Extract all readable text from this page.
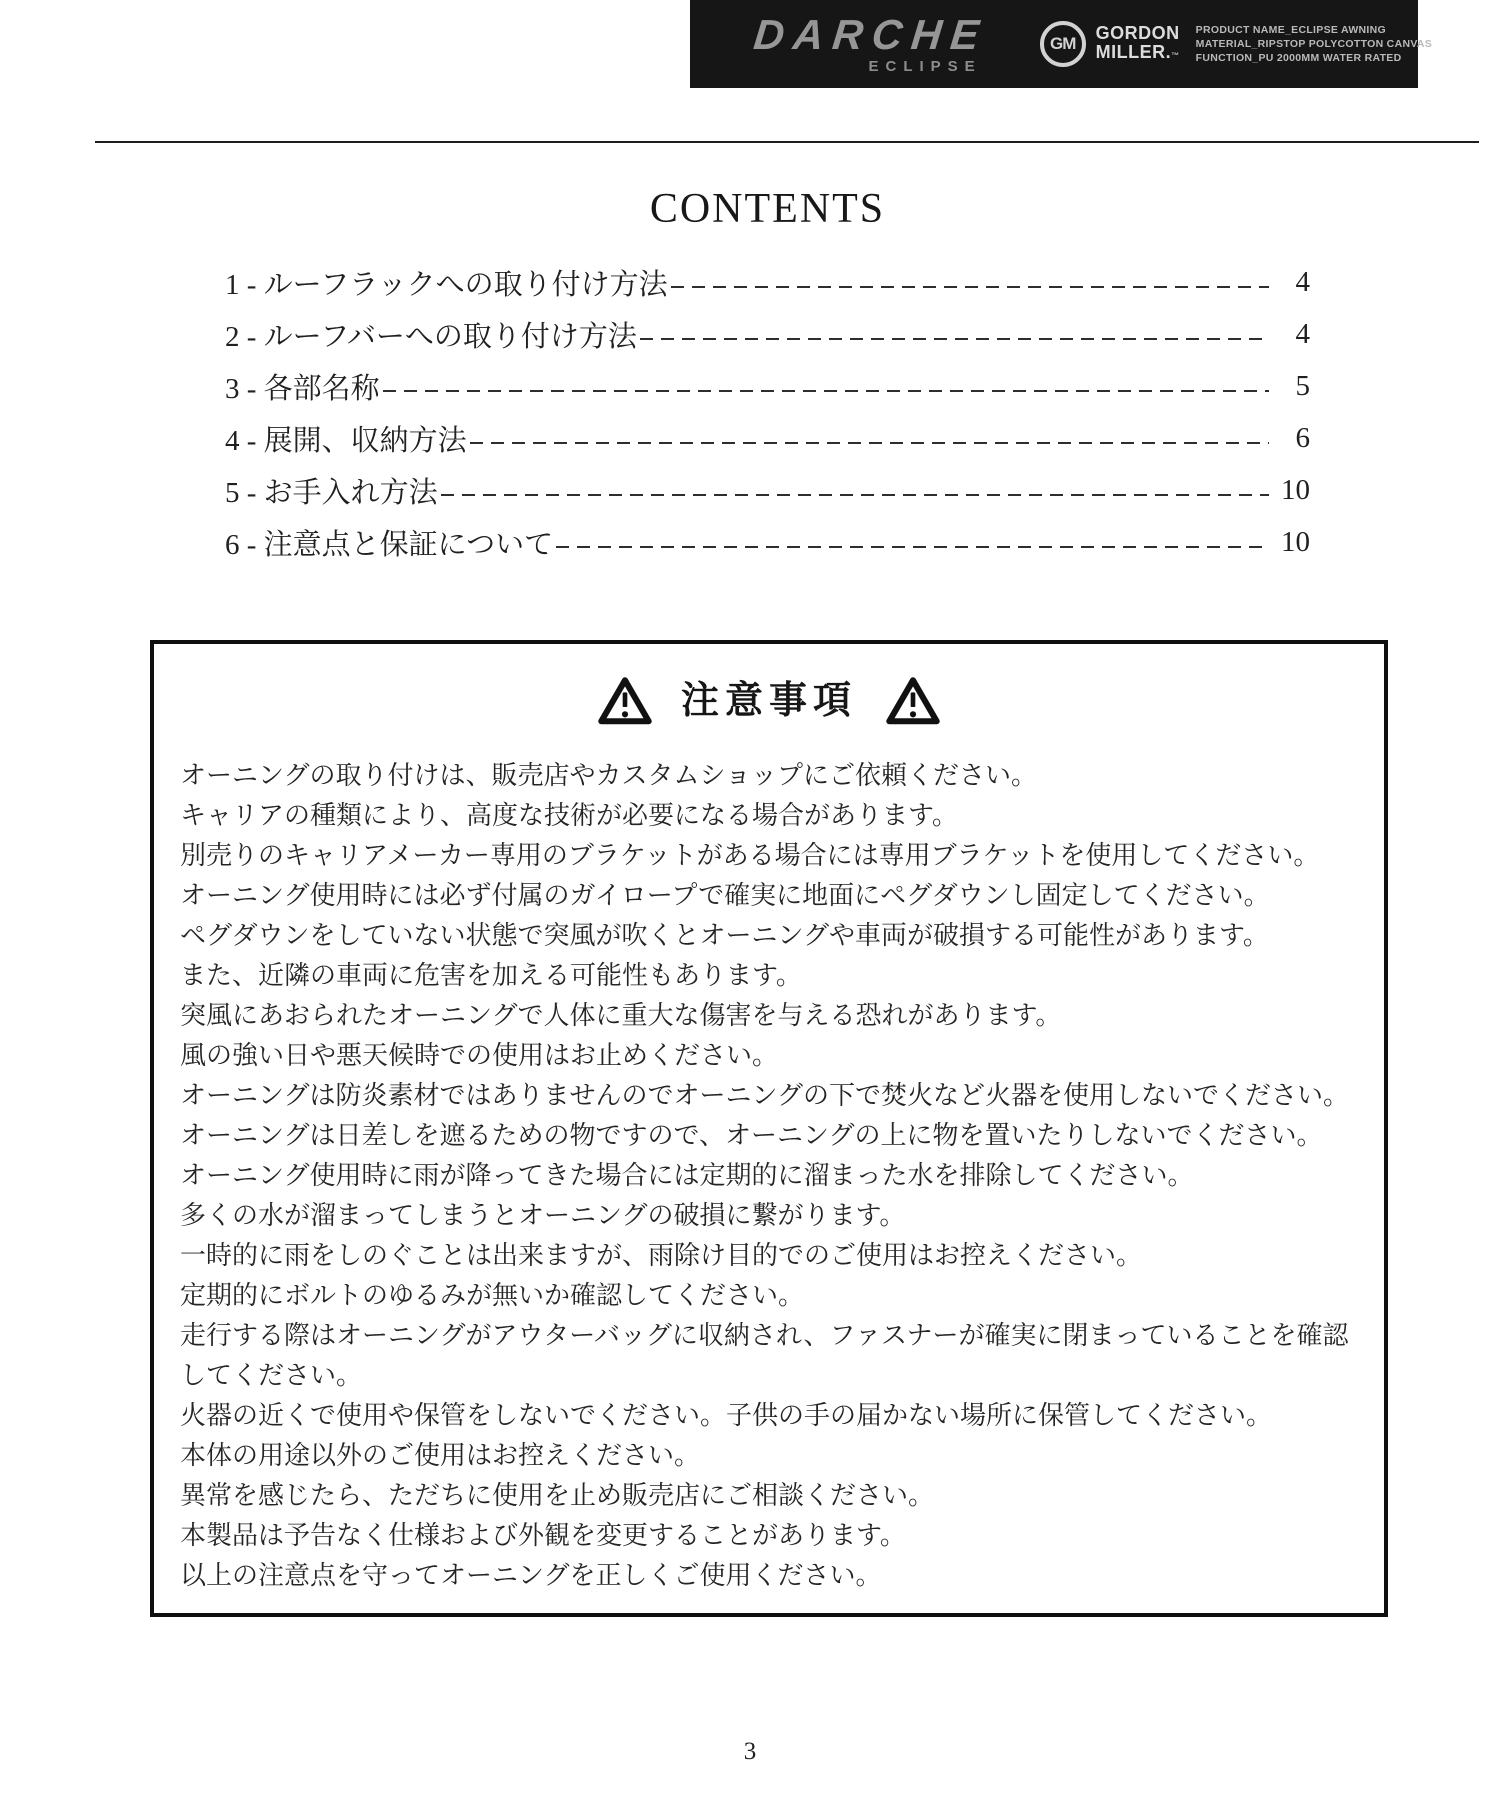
DARCHE
ECLIPSE
GM
GORDON
MILLER.™
PRODUCT NAME_ECLIPSE AWNING
MATERIAL_RIPSTOP POLYCOTTON CANVAS
FUNCTION_PU 2000MM WATER RATED
CONTENTS
1 - ルーフラックへの取り付け方法	4
2 - ルーフバーへの取り付け方法	4
3 - 各部名称	5
4 - 展開、収納方法	6
5 - お手入れ方法	10
6 - 注意点と保証について	10
注意事項

オーニングの取り付けは、販売店やカスタムショップにご依頼ください。

キャリアの種類により、高度な技術が必要になる場合があります。

別売りのキャリアメーカー専用のブラケットがある場合には専用ブラケットを使用してください。

オーニング使用時には必ず付属のガイロープで確実に地面にペグダウンし固定してください。

ペグダウンをしていない状態で突風が吹くとオーニングや車両が破損する可能性があります。

また、近隣の車両に危害を加える可能性もあります。

突風にあおられたオーニングで人体に重大な傷害を与える恐れがあります。

風の強い日や悪天候時での使用はお止めください。

オーニングは防炎素材ではありませんのでオーニングの下で焚火など火器を使用しないでください。

オーニングは日差しを遮るための物ですので、オーニングの上に物を置いたりしないでください。

オーニング使用時に雨が降ってきた場合には定期的に溜まった水を排除してください。

多くの水が溜まってしまうとオーニングの破損に繋がります。

一時的に雨をしのぐことは出来ますが、雨除け目的でのご使用はお控えください。

定期的にボルトのゆるみが無いか確認してください。

走行する際はオーニングがアウターバッグに収納され、ファスナーが確実に閉まっていることを確認してください。

火器の近くで使用や保管をしないでください。子供の手の届かない場所に保管してください。

本体の用途以外のご使用はお控えください。

異常を感じたら、ただちに使用を止め販売店にご相談ください。

本製品は予告なく仕様および外観を変更することがあります。

以上の注意点を守ってオーニングを正しくご使用ください。

3
